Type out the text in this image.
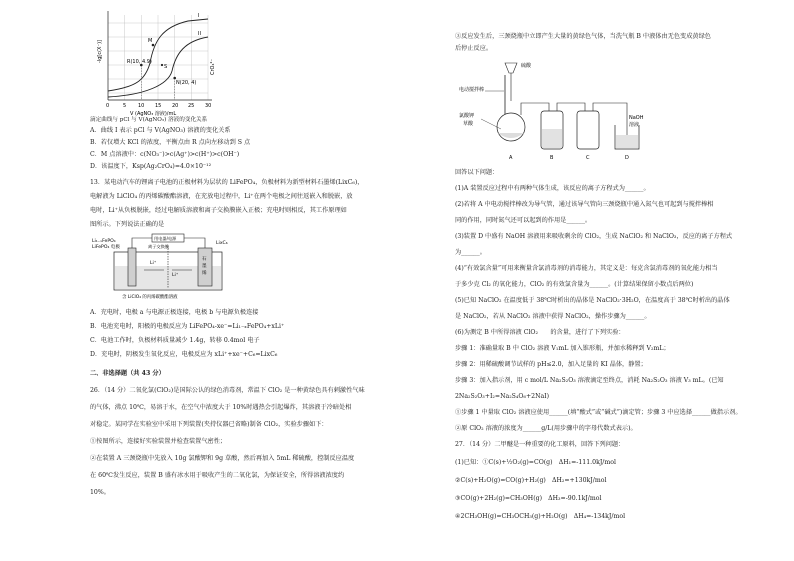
-lg[c(X⁻)]
CrO₄²⁻
V (AgNO₃ 溶液)/mL
0	5 10 15 20 25 30
I
II
M
R(10, 4.9)
S
N(20, 4)
滴定曲线与 pCl 与 V(AgNO₃) 溶液的变化关系
A．曲线 I 表示 pCl 与 V(AgNO₃) 溶液的变化关系
B．若仅增大 KCl 的浓度，平衡点由 R 点向左移动到 S 点
C．M 点溶液中：c(NO₃⁻)>c(Ag⁺)>c(H⁺)>c(OH⁻)
D．该温度下，Ksp(Ag₂CrO₄)=4.0×10⁻¹²
13．某电动汽车的锂离子电池的正极材料为层状的 LiFePO₄，负极材料为新型材料石墨烯(LixC₆)，
电解液为 LiClO₄ 的丙烯碳酸酯溶液，在充放电过程中，Li⁺在两个电极之间往返嵌入和脱嵌，放
电时，Li⁺从负极脱嵌，经过电解质溶液和离子交换膜嵌入正极；充电时则相反，其工作原理如
图所示。下列说法正确的是
用电器/电源
离子交换膜
Li₁₋ₓFePO₄
LiFePO₄ 电极
LixC₆
石
墨
烯
Li⁺
Li⁺
含 LiClO₄ 的丙烯碳酸酯溶液
A．充电时，电极 a 与电源正极连接，电极 b 与电源负极连接
B．电池充电时，阳极的电极反应为 LiFePO₄-xe⁻=Li₁₋ₓFePO₄+xLi⁺
C．电池工作时，负极材料质量减少 1.4g，转移 0.4mol 电子
D．充电时，阴极发生氧化反应，电极反应为 xLi⁺+xe⁻+C₆=LixC₆
二、非选择题（共 43 分）
26．（14 分）二氧化氯(ClO₂)是国际公认的绿色消毒剂，常温下 ClO₂ 是一种黄绿色具有刺激性气味
的气体，沸点 10℃，易溶于水，在空气中浓度大于 10%时遇热会引起爆炸，其溶液于冷暗处相
对稳定。某同学在实验室中采用下列装置(夹持仪器已省略)制备 ClO₂，实验步骤如下：
①按图所示，连接好实验装置并检查装置气密性；
②在装置 A 三颈烧瓶中先放入 10g 氯酸钾和 9g 草酸，然后再加入 5mL 稀硫酸，控制反应温度
在 60℃发生反应，装置 B 盛有冰水用于吸收产生的二氧化氯，为保证安全，所得溶液浓度约
10%。
③反应发生后，三颈烧瓶中立即产生大量的黄绿色气体，当洗气瓶 B 中液体由无色变成黄绿色
后停止反应。
硫酸
电动搅拌棒
氯酸钾
草酸
NaOH
溶液
A	B	C	D
回答以下问题：
(1)A 装置反应过程中有两种气体生成，该反应的离子方程式为______。
(2)若将 A 中电动搅拌棒改为导气管，通过该导气管向三颈烧瓶中通入氮气也可起到与搅拌棒相
同的作用，同时氮气还可以起到的作用是______。
(3)装置 D 中盛有 NaOH 溶液用来吸收剩余的 ClO₂，生成 NaClO₂ 和 NaClO₃，反应的离子方程式
为______。
(4)“有效氯含量”可用来衡量含氯消毒剂的消毒能力，其定义是：每克含氯消毒剂的氧化能力相当
于多少克 Cl₂ 的氧化能力，ClO₂ 的有效氯含量为______。(计算结果保留小数点后两位)
(5)已知 NaClO₂ 在温度低于 38℃时析出的晶体是 NaClO₂·3H₂O，在温度高于 38℃时析出的晶体
是 NaClO₂，若从 NaClO₂ 溶液中获得 NaClO₂，操作步骤为______。
(6)为测定 B 中所得溶液 ClO₂　　的含量，进行了下列实验：
步骤 1：准确量取 B 中 ClO₂ 溶液 V₁mL 加入锥形瓶，并加水稀释到 V₂mL；
步骤 2：用稀硫酸调节试样的 pH≤2.0，加入足量的 KI 晶体，静置；
步骤 3：加入指示剂，用 c mol/L Na₂S₂O₃ 溶液滴定至终点，消耗 Na₂S₂O₃ 溶液 V₃ mL。(已知
2Na₂S₂O₃+I₂=Na₂S₄O₆+2NaI)
①步骤 1 中量取 ClO₂ 溶液应使用______(填“酸式”或“碱式”)滴定管；步骤 3 中应选择______做指示剂。
②原 ClO₂ 溶液的浓度为______g/L(用步骤中的字母代数式表示)。
27．（14 分）二甲醚是一种重要的化工原料，回答下列问题：
(1)已知：①C(s)+½O₂(g)=CO(g)　ΔH₁=-111.0kJ/mol
②C(s)+H₂O(g)=CO(g)+H₂(g)　ΔH₂=+130kJ/mol
③CO(g)+2H₂(g)=CH₃OH(g)　ΔH₃=-90.1kJ/mol
④2CH₃OH(g)=CH₃OCH₃(g)+H₂O(g)　ΔH₄=-134kJ/mol
